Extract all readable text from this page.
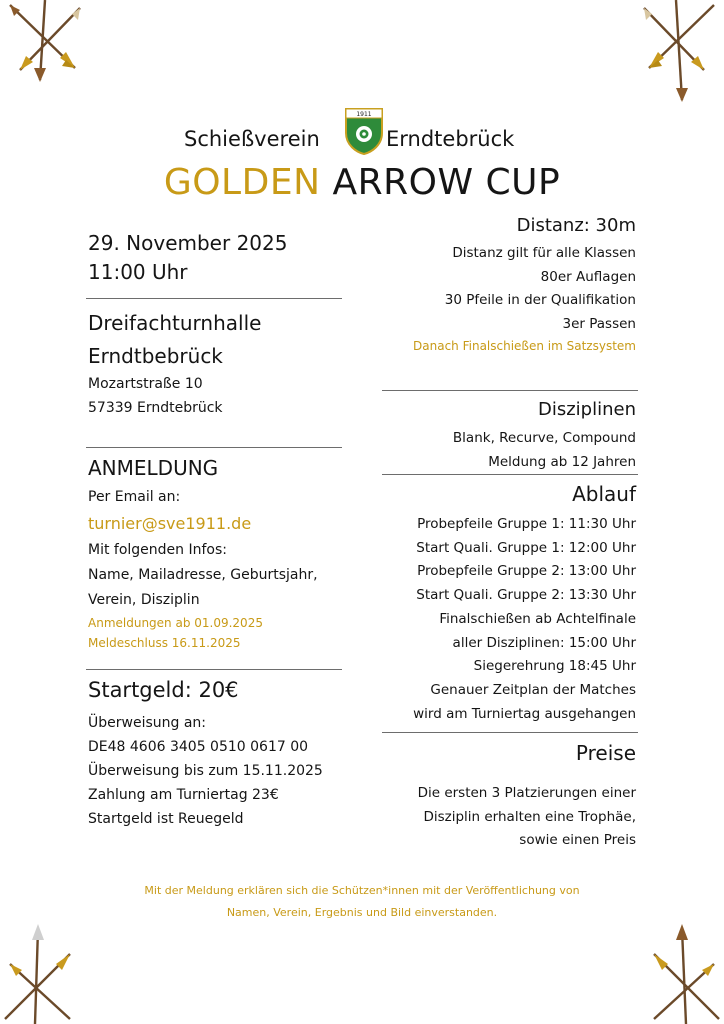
Schießverein
1911
Erndtebrück
GOLDEN ARROW CUP
29. November 2025
11:00 Uhr
Dreifachturnhalle
Erndtbebrück
Mozartstraße 10
57339 Erndtebrück
ANMELDUNG
Per Email an:
turnier@sve1911.de
Mit folgenden Infos:
Name, Mailadresse, Geburtsjahr,
Verein, Disziplin
Anmeldungen ab 01.09.2025
Meldeschluss 16.11.2025
Startgeld: 20€
Überweisung an:
DE48 4606 3405 0510 0617 00
Überweisung bis zum 15.11.2025
Zahlung am Turniertag 23€
Startgeld ist Reuegeld
Distanz: 30m
Distanz gilt für alle Klassen
80er Auflagen
30 Pfeile in der Qualifikation
3er Passen
Danach Finalschießen im Satzsystem
Disziplinen
Blank, Recurve, Compound
Meldung ab 12 Jahren
Ablauf
Probepfeile Gruppe 1: 11:30 Uhr
Start Quali. Gruppe 1: 12:00 Uhr
Probepfeile Gruppe 2: 13:00 Uhr
Start Quali. Gruppe 2: 13:30 Uhr
Finalschießen ab Achtelfinale
aller Disziplinen: 15:00 Uhr
Siegerehrung 18:45 Uhr
Genauer Zeitplan der Matches
wird am Turniertag ausgehangen
Preise
Die ersten 3 Platzierungen einer
Disziplin erhalten eine Trophäe,
sowie einen Preis
Mit der Meldung erklären sich die Schützen*innen mit der Veröffentlichung von
Namen, Verein, Ergebnis und Bild einverstanden.
